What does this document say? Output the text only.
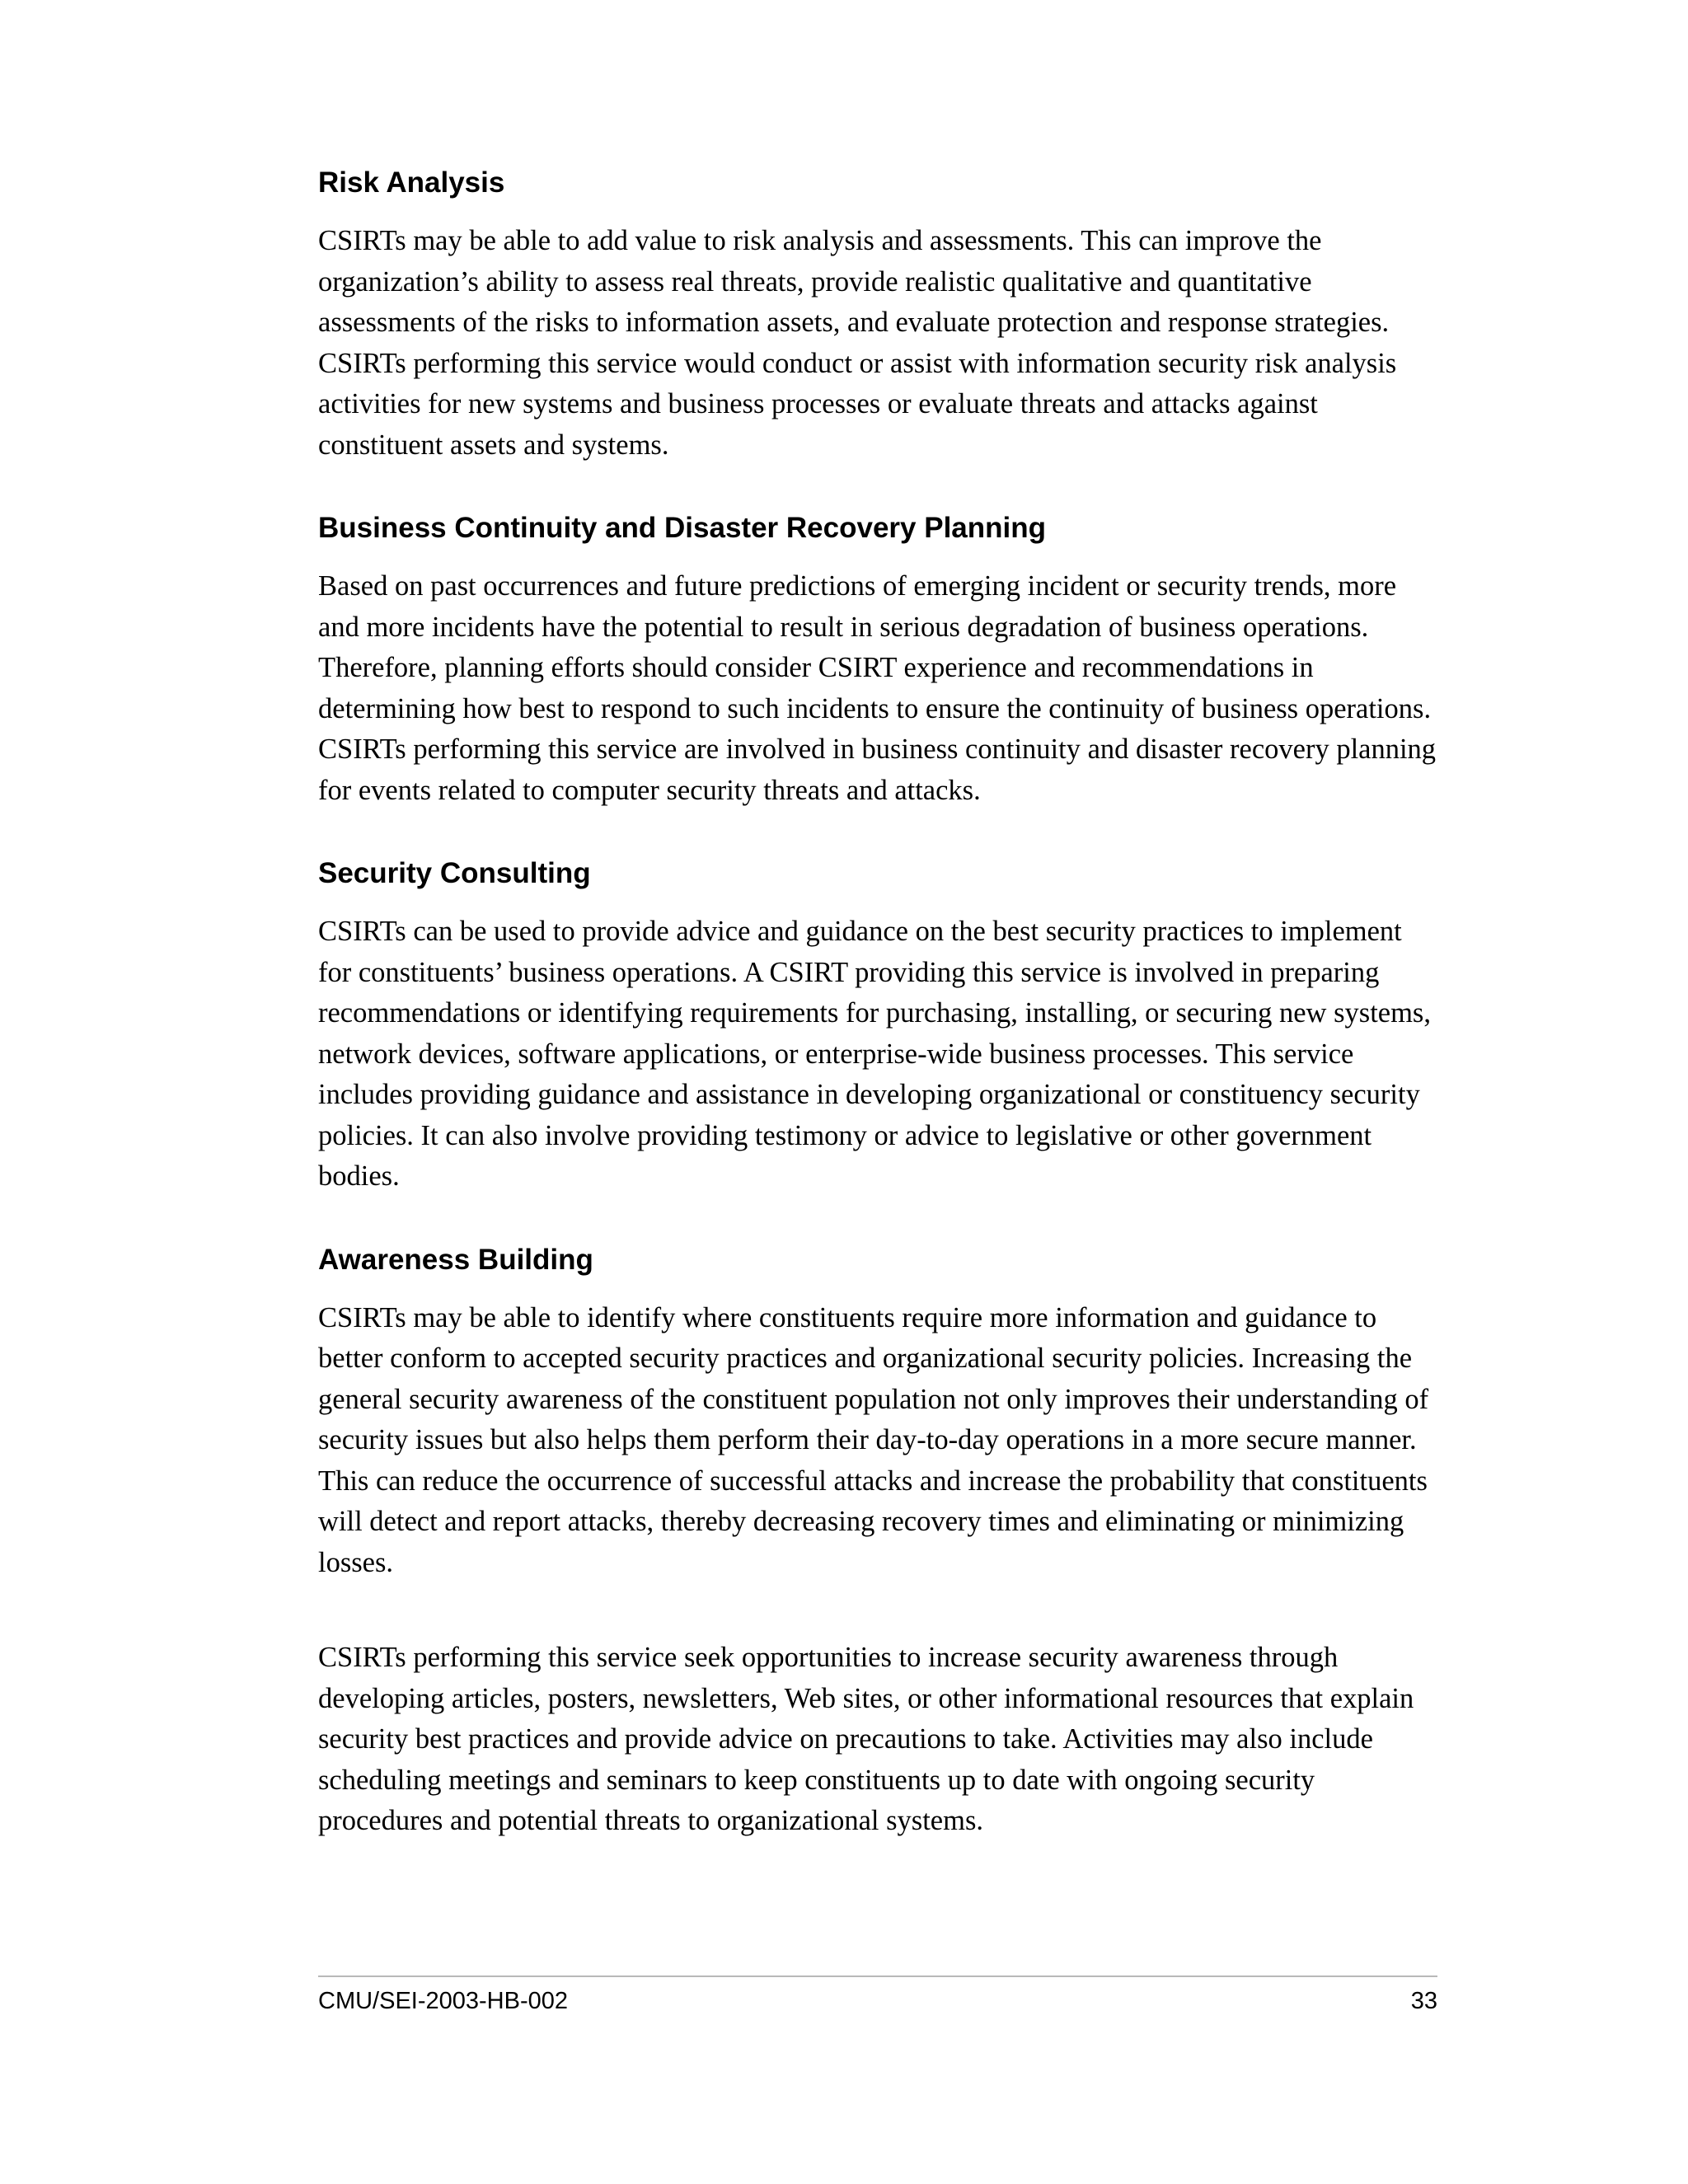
Risk Analysis

CSIRTs may be able to add value to risk analysis and assessments. This can improve the organization’s ability to assess real threats, provide realistic qualitative and quantitative assessments of the risks to information assets, and evaluate protection and response strategies. CSIRTs performing this service would conduct or assist with information security risk analysis activities for new systems and business processes or evaluate threats and attacks against constituent assets and systems.

Business Continuity and Disaster Recovery Planning

Based on past occurrences and future predictions of emerging incident or security trends, more and more incidents have the potential to result in serious degradation of business operations. Therefore, planning efforts should consider CSIRT experience and recommendations in determining how best to respond to such incidents to ensure the continuity of business operations. CSIRTs performing this service are involved in business continuity and disaster recovery planning for events related to computer security threats and attacks.

Security Consulting

CSIRTs can be used to provide advice and guidance on the best security practices to implement for constituents’ business operations. A CSIRT providing this service is involved in preparing recommendations or identifying requirements for purchasing, installing, or securing new systems, network devices, software applications, or enterprise-wide business processes. This service includes providing guidance and assistance in developing organizational or constituency security policies. It can also involve providing testimony or advice to legislative or other government bodies.

Awareness Building

CSIRTs may be able to identify where constituents require more information and guidance to better conform to accepted security practices and organizational security policies. Increasing the general security awareness of the constituent population not only improves their understanding of security issues but also helps them perform their day-to-day operations in a more secure manner. This can reduce the occurrence of successful attacks and increase the probability that constituents will detect and report attacks, thereby decreasing recovery times and eliminating or minimizing losses.

CSIRTs performing this service seek opportunities to increase security awareness through developing articles, posters, newsletters, Web sites, or other informational resources that explain security best practices and provide advice on precautions to take. Activities may also include scheduling meetings and seminars to keep constituents up to date with ongoing security procedures and potential threats to organizational systems.

CMU/SEI-2003-HB-002	33
